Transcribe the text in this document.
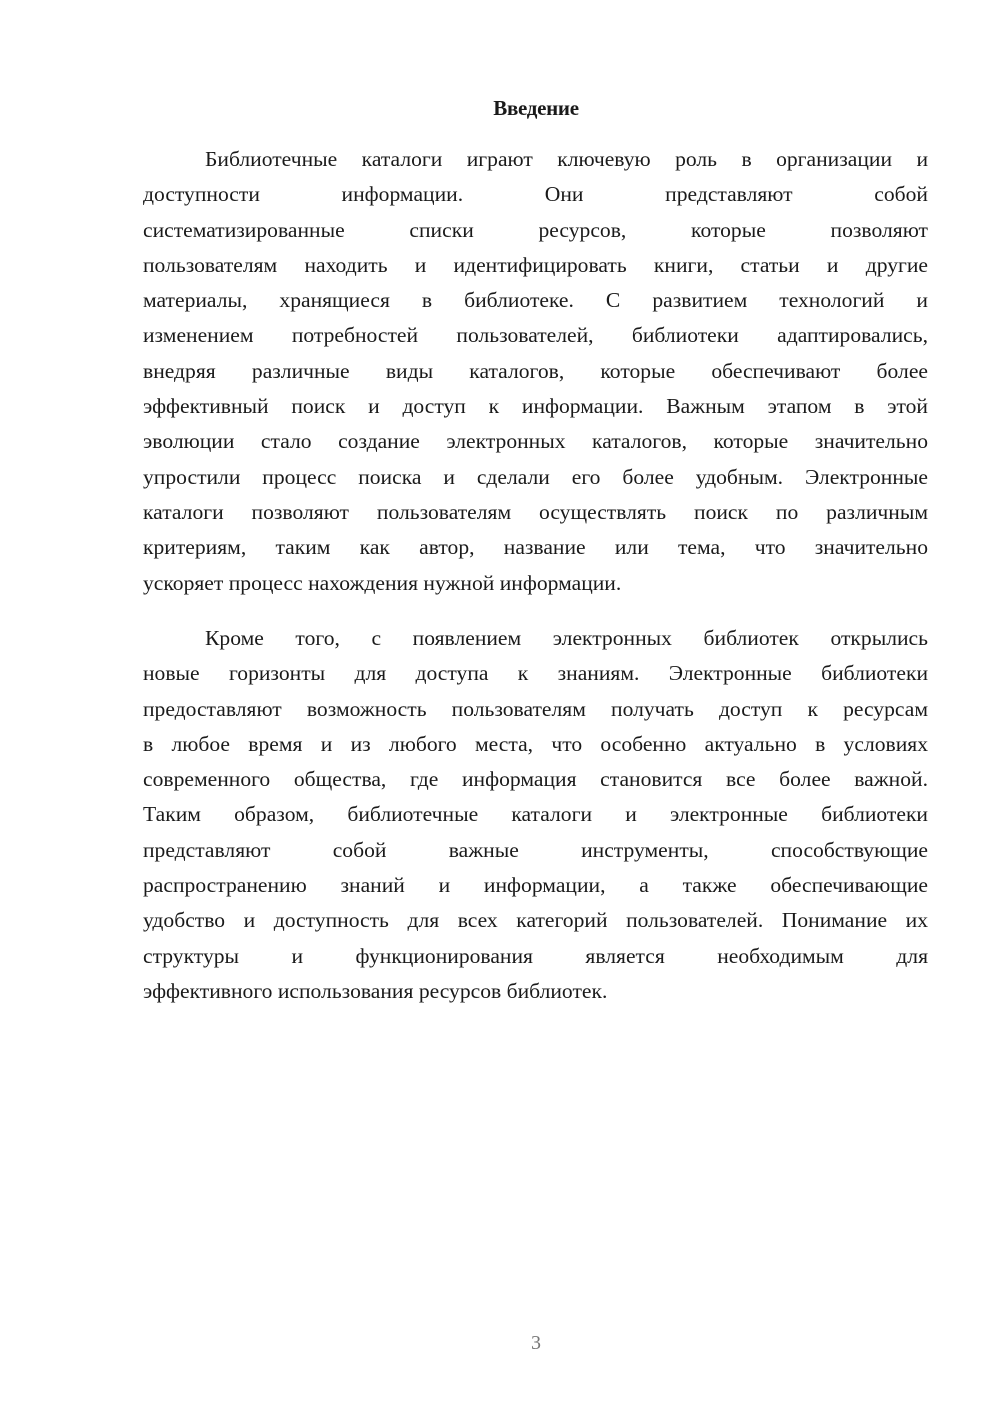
Введение
Библиотечные каталоги играют ключевую роль в организации и
доступности информации. Они представляют собой
систематизированные списки ресурсов, которые позволяют
пользователям находить и идентифицировать книги, статьи и другие
материалы, хранящиеся в библиотеке. С развитием технологий и
изменением потребностей пользователей, библиотеки адаптировались,
внедряя различные виды каталогов, которые обеспечивают более
эффективный поиск и доступ к информации. Важным этапом в этой
эволюции стало создание электронных каталогов, которые значительно
упростили процесс поиска и сделали его более удобным. Электронные
каталоги позволяют пользователям осуществлять поиск по различным
критериям, таким как автор, название или тема, что значительно
ускоряет процесс нахождения нужной информации.
Кроме того, с появлением электронных библиотек открылись
новые горизонты для доступа к знаниям. Электронные библиотеки
предоставляют возможность пользователям получать доступ к ресурсам
в любое время и из любого места, что особенно актуально в условиях
современного общества, где информация становится все более важной.
Таким образом, библиотечные каталоги и электронные библиотеки
представляют собой важные инструменты, способствующие
распространению знаний и информации, а также обеспечивающие
удобство и доступность для всех категорий пользователей. Понимание их
структуры и функционирования является необходимым для
эффективного использования ресурсов библиотек.
3
